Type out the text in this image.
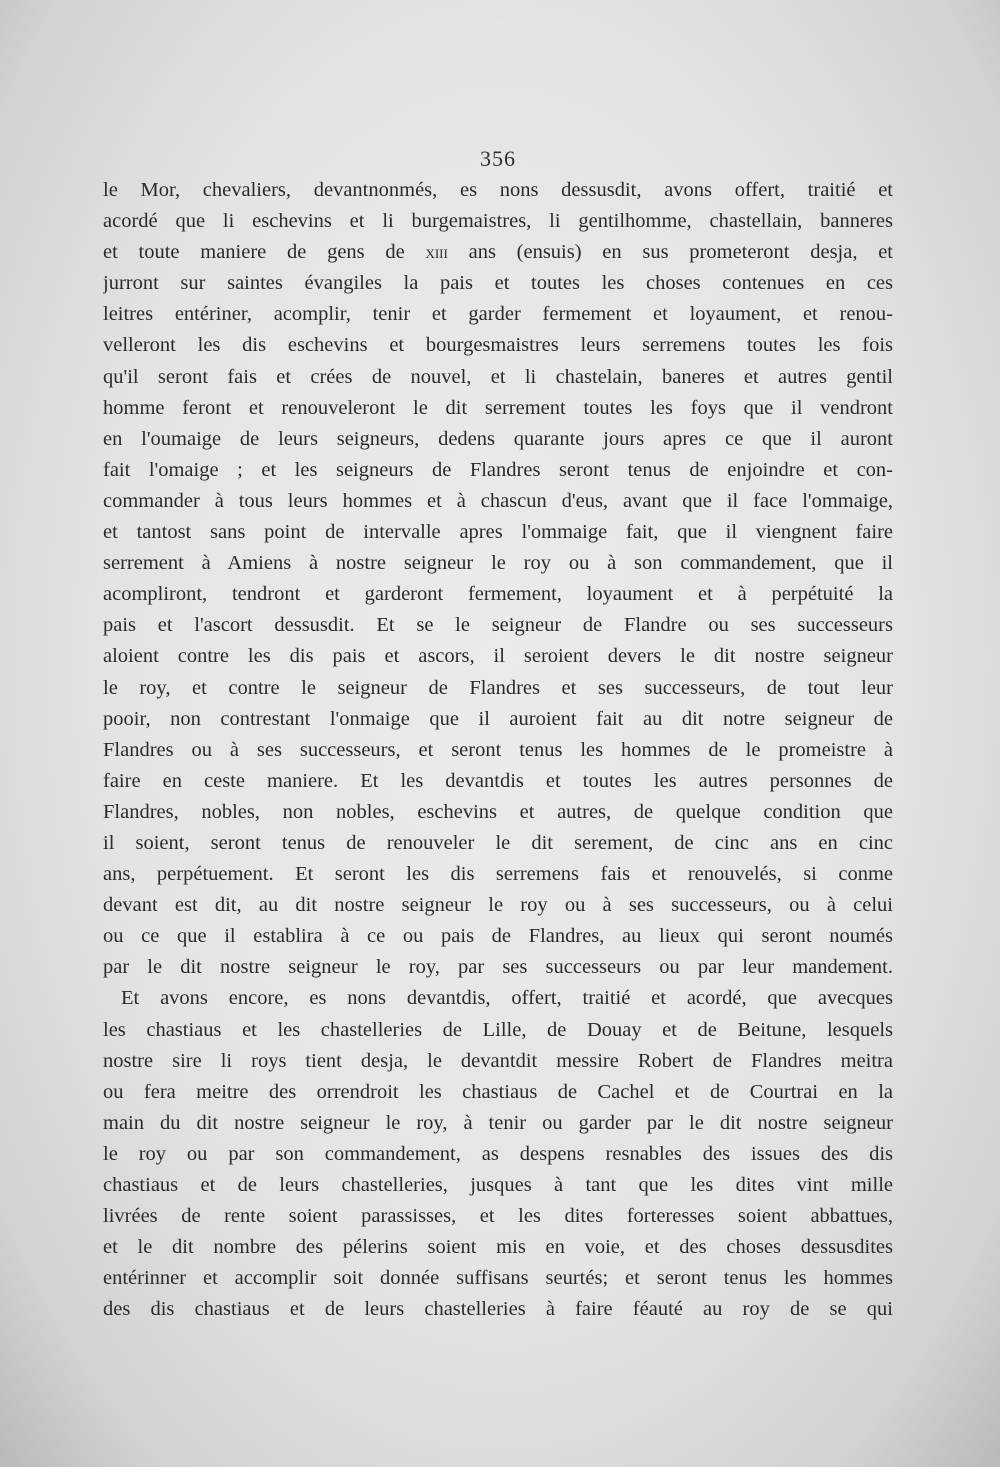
356
le Mor, chevaliers, devantnonmés, es nons dessusdit, avons offert, traitié et
acordé que li eschevins et li burgemaistres, li gentilhomme, chastellain, banneres
et toute maniere de gens de xiii ans (ensuis) en sus prometeront desja, et
jurront sur saintes évangiles la pais et toutes les choses contenues en ces
leitres entériner, acomplir, tenir et garder fermement et loyaument, et renou-
velleront les dis eschevins et bourgesmaistres leurs serremens toutes les fois
qu'il seront fais et crées de nouvel, et li chastelain, baneres et autres gentil
homme feront et renouveleront le dit serrement toutes les foys que il vendront
en l'oumaige de leurs seigneurs, dedens quarante jours apres ce que il auront
fait l'omaige ; et les seigneurs de Flandres seront tenus de enjoindre et con-
commander à tous leurs hommes et à chascun d'eus, avant que il face l'ommaige,
et tantost sans point de intervalle apres l'ommaige fait, que il viengnent faire
serrement à Amiens à nostre seigneur le roy ou à son commandement, que il
acompliront, tendront et garderont fermement, loyaument et à perpétuité la
pais et l'ascort dessusdit. Et se le seigneur de Flandre ou ses successeurs
aloient contre les dis pais et ascors, il seroient devers le dit nostre seigneur
le roy, et contre le seigneur de Flandres et ses successeurs, de tout leur
pooir, non contrestant l'onmaige que il auroient fait au dit notre seigneur de
Flandres ou à ses successeurs, et seront tenus les hommes de le promeistre à
faire en ceste maniere. Et les devantdis et toutes les autres personnes de
Flandres, nobles, non nobles, eschevins et autres, de quelque condition que
il soient, seront tenus de renouveler le dit serement, de cinc ans en cinc
ans, perpétuement. Et seront les dis serremens fais et renouvelés, si conme
devant est dit, au dit nostre seigneur le roy ou à ses successeurs, ou à celui
ou ce que il establira à ce ou pais de Flandres, au lieux qui seront noumés
par le dit nostre seigneur le roy, par ses successeurs ou par leur mandement.
Et avons encore, es nons devantdis, offert, traitié et acordé, que avecques
les chastiaus et les chastelleries de Lille, de Douay et de Beitune, lesquels
nostre sire li roys tient desja, le devantdit messire Robert de Flandres meitra
ou fera meitre des orrendroit les chastiaus de Cachel et de Courtrai en la
main du dit nostre seigneur le roy, à tenir ou garder par le dit nostre seigneur
le roy ou par son commandement, as despens resnables des issues des dis
chastiaus et de leurs chastelleries, jusques à tant que les dites vint mille
livrées de rente soient parassisses, et les dites forteresses soient abbattues,
et le dit nombre des pélerins soient mis en voie, et des choses dessusdites
entérinner et accomplir soit donnée suffisans seurtés; et seront tenus les hommes
des dis chastiaus et de leurs chastelleries à faire féauté au roy de se qui
